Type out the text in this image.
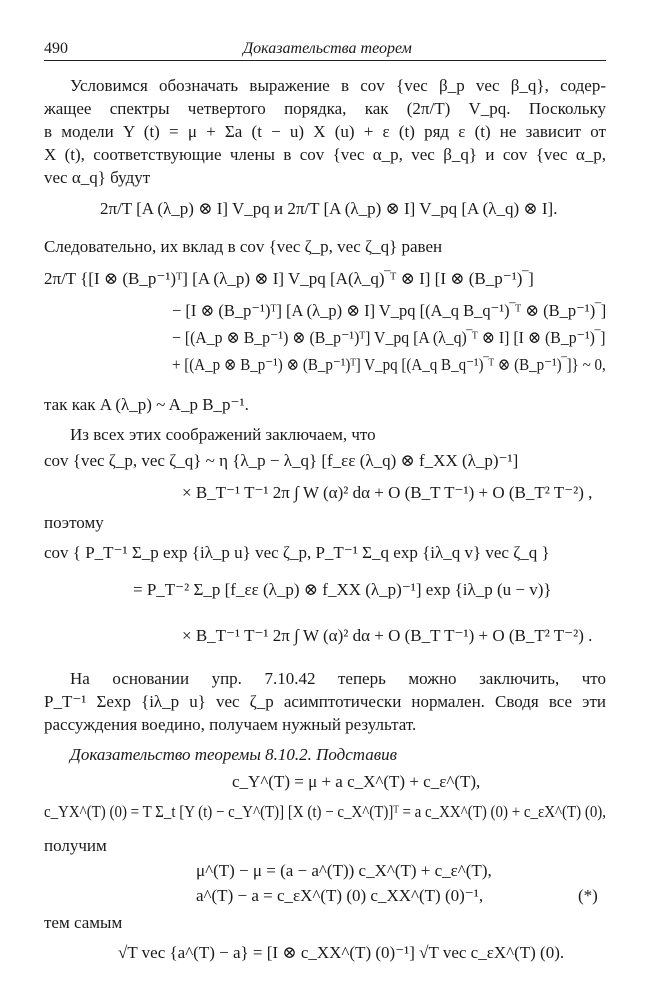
490	Доказательства теорем
Условимся обозначать выражение в cov {vec β_p vec β_q}, содер-
жащее спектры четвертого порядка, как (2π/T) V_pq. Поскольку
в модели Y (t) = μ + Σa (t − u) X (u) + ε (t) ряд ε (t) не зависит от
X (t), соответствующие члены в cov {vec α_p, vec β_q} и cov {vec α_p,
vec α_q} будут
2π/T [A (λ_p) ⊗ I] V_pq и 2π/T [A (λ_p) ⊗ I] V_pq [A (λ_q) ⊗ I].
Следовательно, их вклад в cov {vec ζ_p, vec ζ_q} равен
2π/T {[I ⊗ (B_p⁻¹)ᵀ] [A (λ_p) ⊗ I] V_pq [A(λ_q)‾ᵀ ⊗ I] [I ⊗ (B_p⁻¹)‾]
− [I ⊗ (B_p⁻¹)ᵀ] [A (λ_p) ⊗ I] V_pq [(A_q B_q⁻¹)‾ᵀ ⊗ (B_p⁻¹)‾]
− [(A_p ⊗ B_p⁻¹) ⊗ (B_p⁻¹)ᵀ] V_pq [A (λ_q)‾ᵀ ⊗ I] [I ⊗ (B_p⁻¹)‾]
+ [(A_p ⊗ B_p⁻¹) ⊗ (B_p⁻¹)ᵀ] V_pq [(A_q B_q⁻¹)‾ᵀ ⊗ (B_p⁻¹)‾]} ~ 0,
так как A (λ_p) ~ A_p B_p⁻¹.
Из всех этих соображений заключаем, что
cov {vec ζ_p, vec ζ_q} ~ η {λ_p − λ_q} [f_εε (λ_q) ⊗ f_XX (λ_p)⁻¹]
× B_T⁻¹ T⁻¹ 2π ∫ W (α)² dα + O (B_T T⁻¹) + O (B_T² T⁻²) ,
поэтому
cov { P_T⁻¹ Σ_p exp {iλ_p u} vec ζ_p, P_T⁻¹ Σ_q exp {iλ_q v} vec ζ_q }
= P_T⁻² Σ_p [f_εε (λ_p) ⊗ f_XX (λ_p)⁻¹] exp {iλ_p (u − v)}
× B_T⁻¹ T⁻¹ 2π ∫ W (α)² dα + O (B_T T⁻¹) + O (B_T² T⁻²) .
На основании упр. 7.10.42 теперь можно заключить, что
P_T⁻¹ Σexp {iλ_p u} vec ζ_p асимптотически нормален. Сводя все эти
рассуждения воедино, получаем нужный результат.
Доказательство теоремы 8.10.2. Подставив
c_Y^(T) = μ + a c_X^(T) + c_ε^(T),
c_YX^(T) (0) = T Σ_t [Y (t) − c_Y^(T)] [X (t) − c_X^(T)]ᵀ = a c_XX^(T) (0) + c_εX^(T) (0),
получим
μ^(T) − μ = (a − a^(T)) c_X^(T) + c_ε^(T),
a^(T) − a = c_εX^(T) (0) c_XX^(T) (0)⁻¹,	(*)
тем самым
√T vec {a^(T) − a} = [I ⊗ c_XX^(T) (0)⁻¹] √T vec c_εX^(T) (0).
